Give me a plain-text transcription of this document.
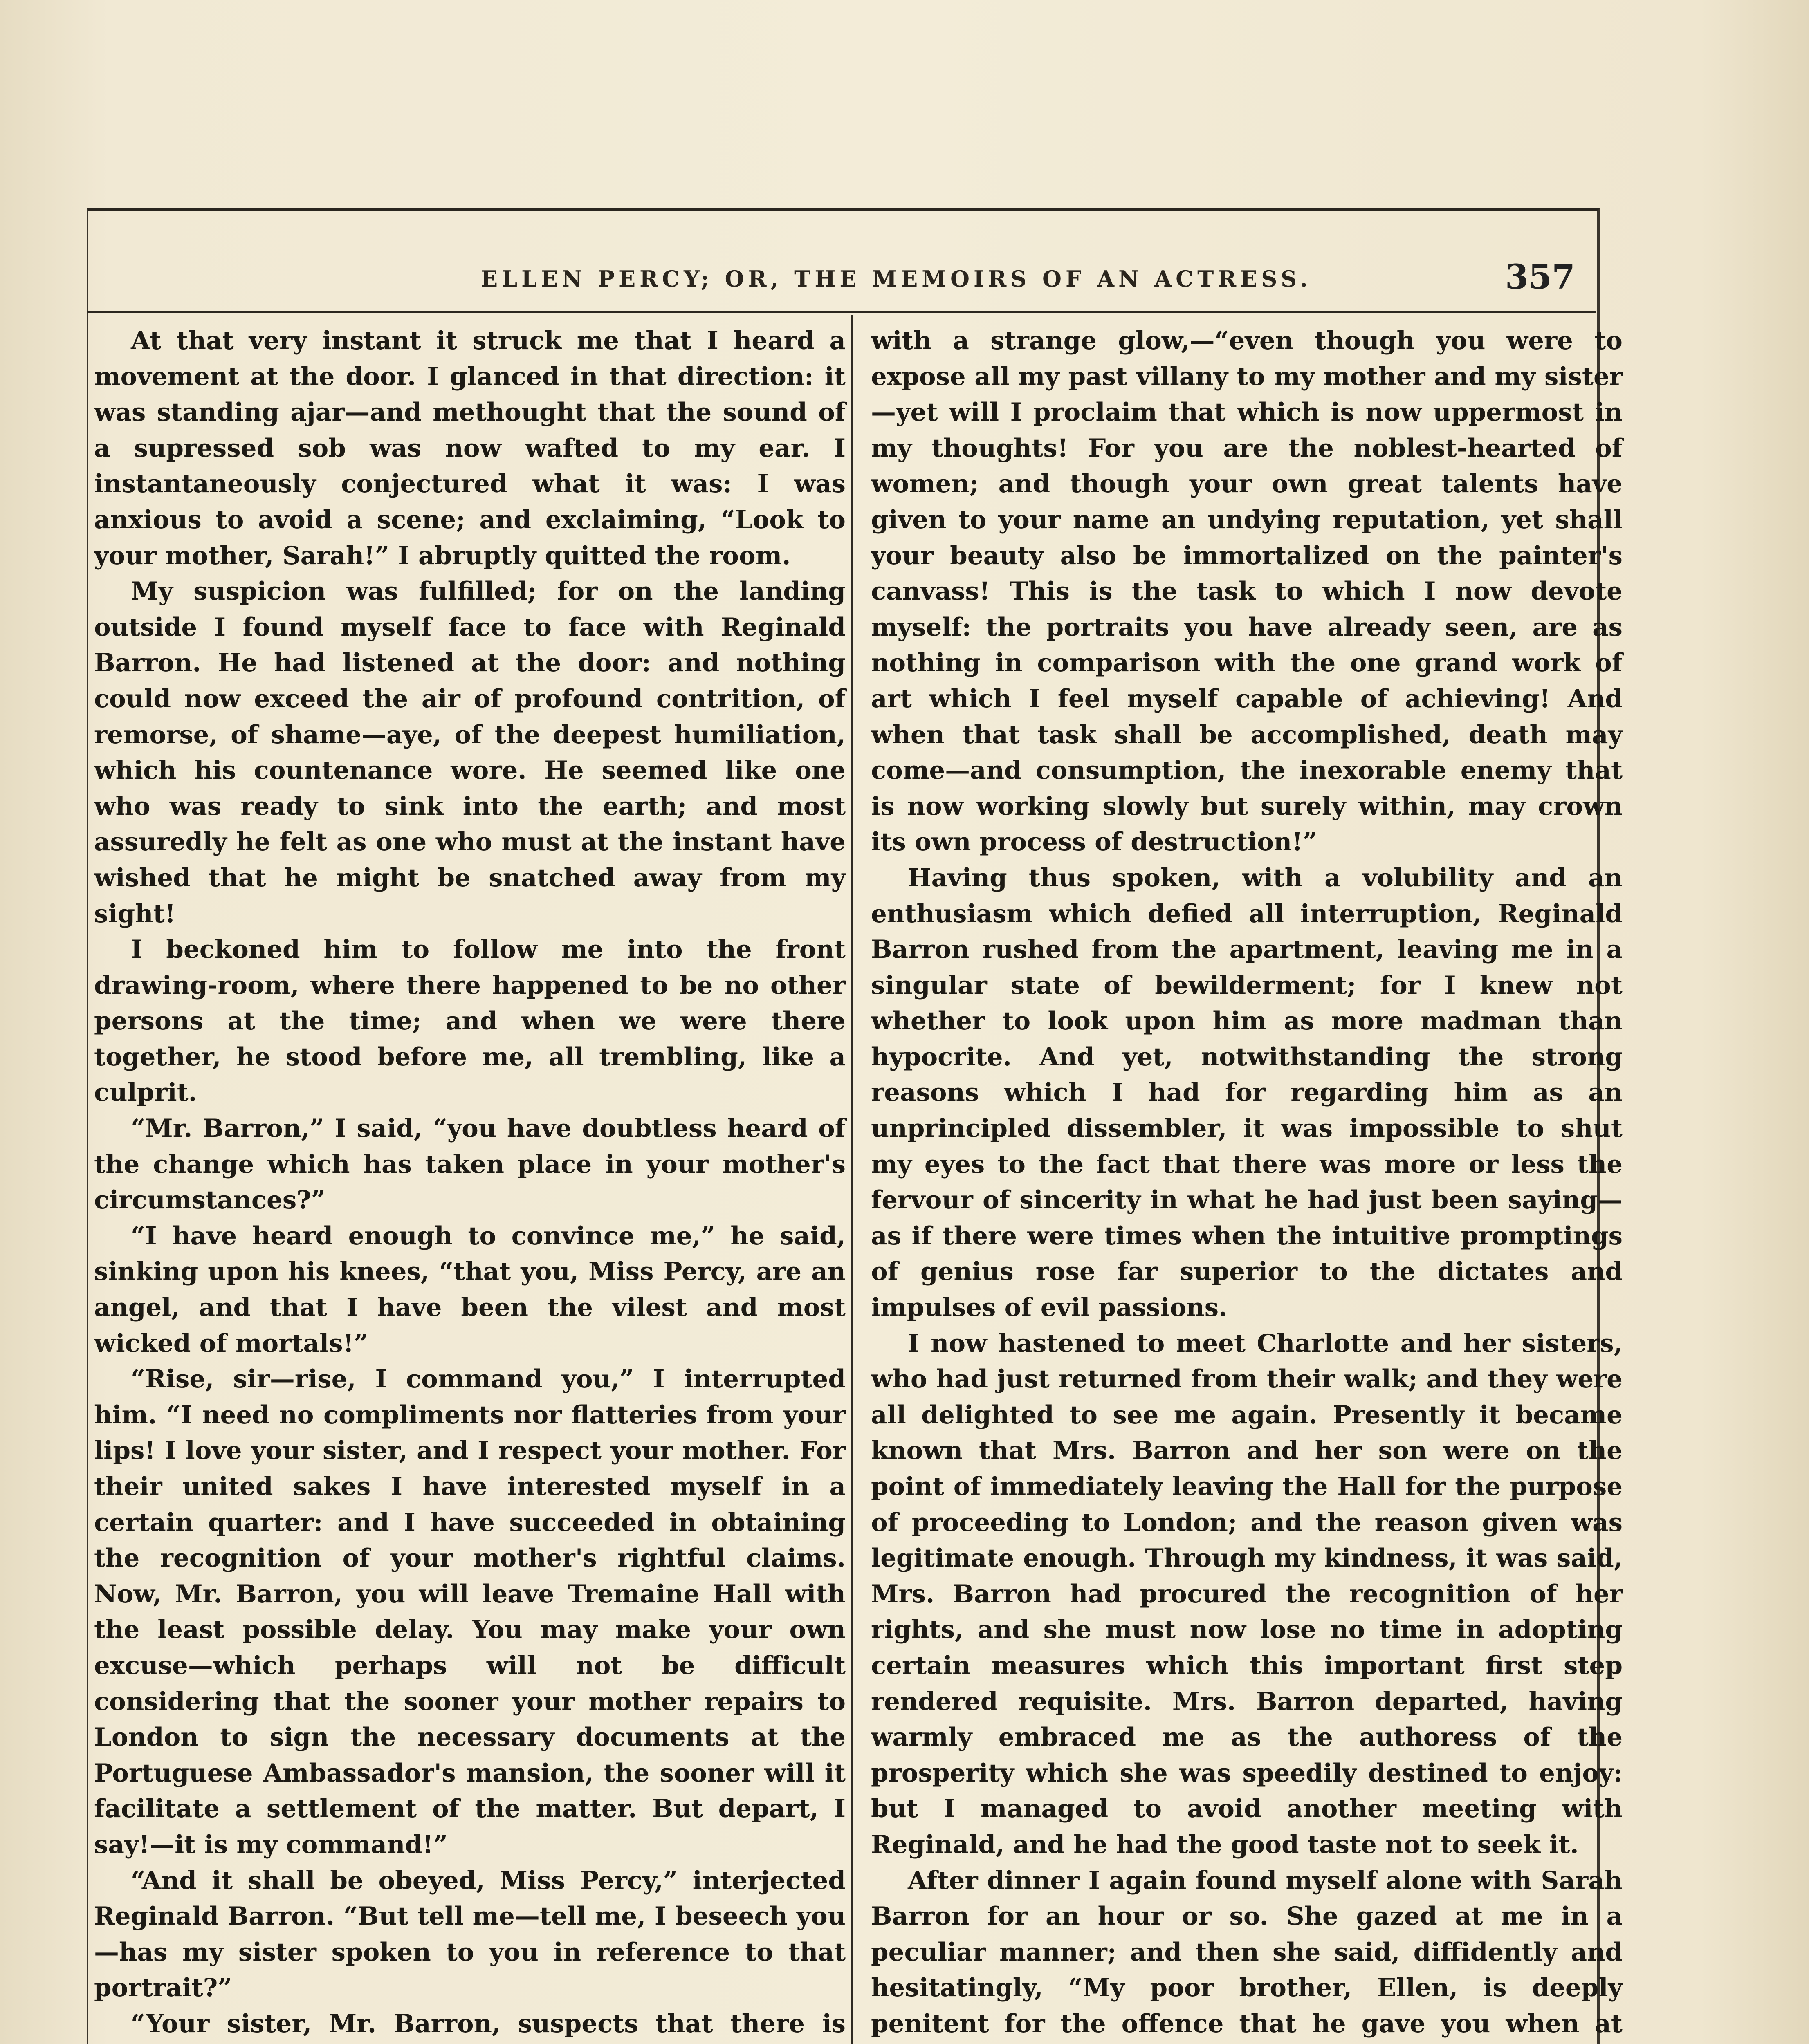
ELLEN PERCY; OR, THE MEMOIRS OF AN ACTRESS.	357

At that very instant it struck me that I heard a movement at the door. I glanced in that direction: it was standing ajar—and methought that the sound of a supressed sob was now wafted to my ear. I instantaneously conjectured what it was: I was anxious to avoid a scene; and exclaiming, “Look to your mother, Sarah!” I abruptly quitted the room.

My suspicion was fulfilled; for on the landing outside I found myself face to face with Reginald Barron. He had listened at the door: and nothing could now exceed the air of profound contrition, of remorse, of shame—aye, of the deepest humiliation, which his countenance wore. He seemed like one who was ready to sink into the earth; and most assuredly he felt as one who must at the instant have wished that he might be snatched away from my sight!

I beckoned him to follow me into the front drawing-room, where there happened to be no other persons at the time; and when we were there together, he stood before me, all trembling, like a culprit.

“Mr. Barron,” I said, “you have doubtless heard of the change which has taken place in your mother's circumstances?”

“I have heard enough to convince me,” he said, sinking upon his knees, “that you, Miss Percy, are an angel, and that I have been the vilest and most wicked of mortals!”

“Rise, sir—rise, I command you,” I interrupted him. “I need no compliments nor flatteries from your lips! I love your sister, and I respect your mother. For their united sakes I have interested myself in a certain quarter: and I have succeeded in obtaining the recognition of your mother's rightful claims. Now, Mr. Barron, you will leave Tremaine Hall with the least possible delay. You may make your own excuse—which perhaps will not be difficult considering that the sooner your mother repairs to London to sign the necessary documents at the Portuguese Ambassador's mansion, the sooner will it facilitate a settlement of the matter. But depart, I say!—it is my command!”

“And it shall be obeyed, Miss Percy,” interjected Reginald Barron. “But tell me—tell me, I beseech you—has my sister spoken to you in reference to that portrait?”

“Your sister, Mr. Barron, suspects that there is

with a strange glow,—“even though you were to expose all my past villany to my mother and my sister—yet will I proclaim that which is now uppermost in my thoughts! For you are the noblest-hearted of women; and though your own great talents have given to your name an undying reputation, yet shall your beauty also be immortalized on the painter's canvass! This is the task to which I now devote myself: the portraits you have already seen, are as nothing in comparison with the one grand work of art which I feel myself capable of achieving! And when that task shall be accomplished, death may come—and consumption, the inexorable enemy that is now working slowly but surely within, may crown its own process of destruction!”

Having thus spoken, with a volubility and an enthusiasm which defied all interruption, Reginald Barron rushed from the apartment, leaving me in a singular state of bewilderment; for I knew not whether to look upon him as more madman than hypocrite. And yet, notwithstanding the strong reasons which I had for regarding him as an unprincipled dissembler, it was impossible to shut my eyes to the fact that there was more or less the fervour of sincerity in what he had just been saying—as if there were times when the intuitive promptings of genius rose far superior to the dictates and impulses of evil passions.

I now hastened to meet Charlotte and her sisters, who had just returned from their walk; and they were all delighted to see me again. Presently it became known that Mrs. Barron and her son were on the point of immediately leaving the Hall for the purpose of proceeding to London; and the reason given was legitimate enough. Through my kindness, it was said, Mrs. Barron had procured the recognition of her rights, and she must now lose no time in adopting certain measures which this important first step rendered requisite. Mrs. Barron departed, having warmly embraced me as the authoress of the prosperity which she was speedily destined to enjoy: but I managed to avoid another meeting with Reginald, and he had the good taste not to seek it.

After dinner I again found myself alone with Sarah Barron for an hour or so. She gazed at me in a peculiar manner; and then she said, diffidently and hesitatingly, “My poor brother, Ellen, is deeply penitent for the offence that he gave you when at
